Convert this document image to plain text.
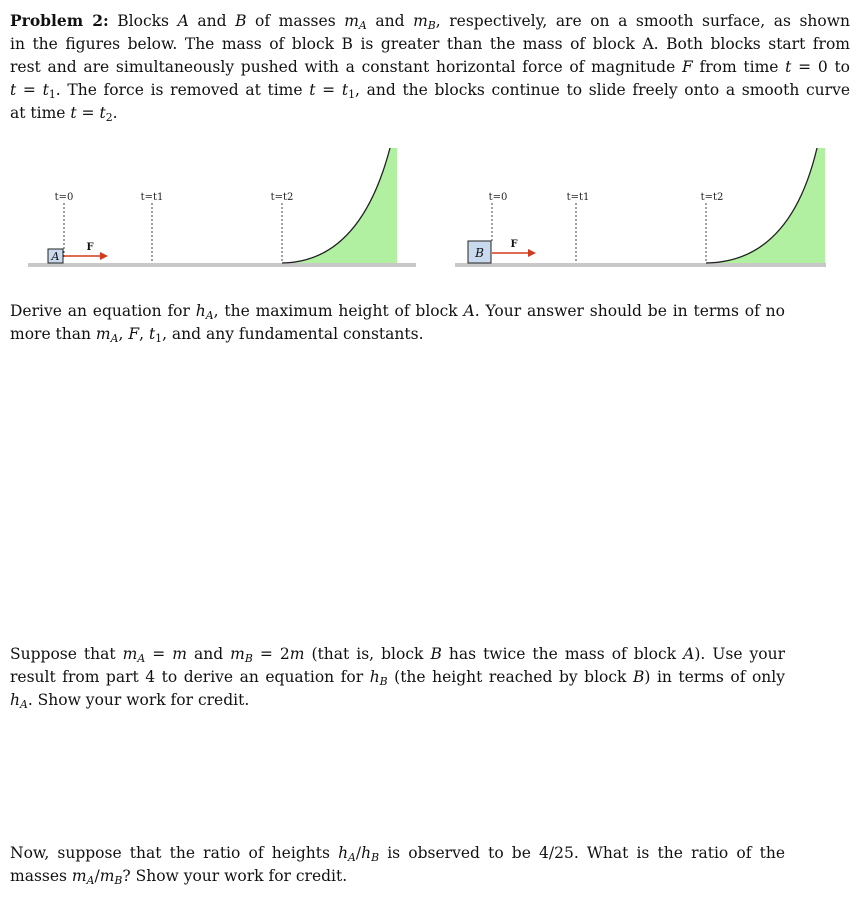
Problem 2: Blocks A and B of masses $m_A$ and $m_B$, respectively, are on a smooth surface, as shown
in the figures below. The mass of block B is greater than the mass of block A. Both blocks start from
rest and are simultaneously pushed with a constant horizontal force of magnitude F from time t = 0 to
$t = t_1$. The force is removed at time $t = t_1$, and the blocks continue to slide freely onto a smooth curve
at time $t = t_2$.
t=0	t=t1	t=t2
A
F
t=0	t=t1	t=t2
B
F
Derive an equation for $h_A$, the maximum height of block A. Your answer should be in terms of no
more than $m_A$, F, $t_1$, and any fundamental constants.
Suppose that $m_A = m$ and $m_B = 2m$ (that is, block B has twice the mass of block A). Use your
result from part 4 to derive an equation for $h_B$ (the height reached by block B) in terms of only
$h_A$. Show your work for credit.
Now, suppose that the ratio of heights $h_A/h_B$ is observed to be 4/25. What is the ratio of the
masses $m_A/m_B$? Show your work for credit.
